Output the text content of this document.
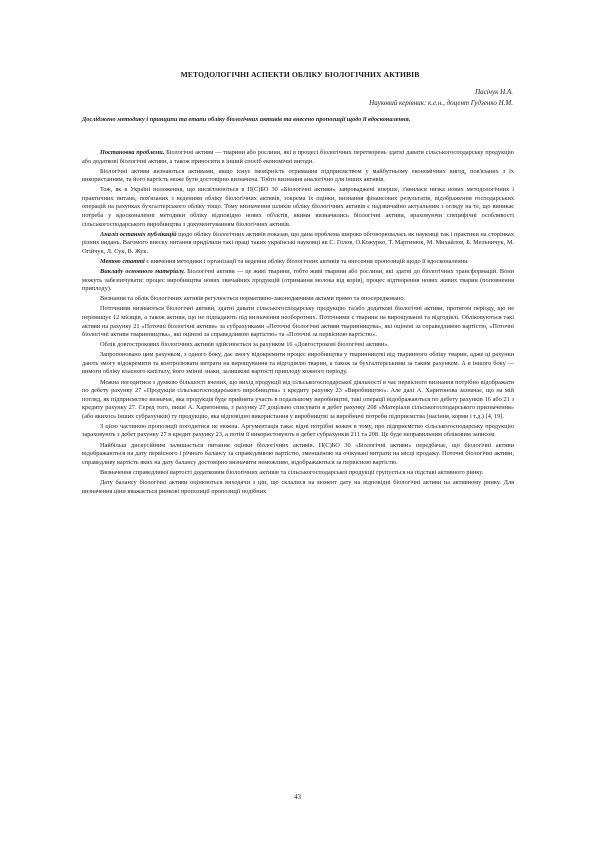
МЕТОДОЛОГІЧНІ АСПЕКТИ ОБЛІКУ БІОЛОГІЧНИХ АКТИВІВ
Пасічук Н.А.
Науковий керівник: к.е.н., доцент Гудзенко Н.М.

Досліджено методику і принципи та етапи обліку біологічних активів та внесено пропозиції щодо її вдосконалення.

Постановка проблеми. Біологічні активи — тварини або рослини, які в процесі біологічних перетворень здатні давати сільськогосподарську продукцію або додаткові біологічні активи, а також приносити в інший спосіб економічні вигоди.

Біологічні активи визнаються активами, якщо існує імовірність отримання підприємством у майбутньому економічних вигод, пов'язаних з їх використанням, та його вартість може бути достовірно визначена. Тобто визнання аналогічно для інших активів.

Тож, як в Україні положення, що висвітлюються в П(С)БО 30 «Біологічні активи» запроваджені впершe, з'явилася низка нових методологічних і практичних питань, пов'язаних з веденням обліку біологічних активів, зокрема їх оцінки, визнання фінансових результатів, відображення господарських операцій на рахунках бухгалтерського обліку тощо. Тому визначення шляхів обліку біологічних активів є надзвичайно актуальним з огляду на те, що виникає потреба у вдосконаленні методики обліку відповідно нових об'єктів, якими визначились біологічні активи, враховуючи специфічні особливості сільськогосподарського виробництва з документуванням біологічних активів.

Аналіз останніх публікацій щодо обліку біологічних активів показав, що дана проблема широко обговорювалась як науковці так і практики на сторінках різних видань. Вагомого внеску питання приділили такі праці таких українські науковці як С. Голов, О.Кожурко, Т. Мартинюк, М. Михайлов, Б. Мельничук, М. Огійчук, Л. Сук, В. Жук.

Метою статті є вивчення методики і організації та ведення обліку біологічних активів та внесення пропозицій щодо її вдосконалення.

Викладу основного матеріалу. Біологічні активи — це живі тварини, тобто живі тварини або рослини, які здатні до біологічних трансформацій. Вони можуть забезпечувати: процес виробництва нових звичайних продукцій (отримання молока від корів), процес відтворення нових живих тварин (поповнення приплоду).

Визнання та облік біологічних активів регулюється нормативно-законодавчими актами прямо та опосередковано.

Поточними визнаються біологічні активи, здатні давати сільськогосподарську продукцію та/або додаткові біологічні активи, протягом періоду, що не перевищує 12 місяців, а також активи, що не підпадають під визначення необоротних. Поточними є тварини на вирощуванні та відгодівлі. Обліковуються такі активи на рахунку 21 «Поточні біологічні активи» за субрахунками «Поточні біологічні активи тваринництва», які оцінені за справедливою вартістю, «Поточні біологічні активи тваринництва», які оцінені за справедливою вартістю» та «Поточні за первісною вартістю».

Облік довгострокових біологічних активів здійснюється за рахунком 16 «Довгострокові біологічні активи».

Запропоновано цим рахунком, з одного боку, дає змогу відокремити процес виробництва у тваринництві від тваринного обліку тварин, адже ці рахунки дають змогу відокремити та контролювати витрати на вирощування та відгодівлю тварин, а також за бухгалтерськими за таким рахунком. А в іншого боку — вимоги обліку власного капіталу, його змінні знаки, залишкові вартості приплоду кожного періоду.

Можна погодитися з думкою більшості вчених, що вихід продукції від сільськогосподарської діяльності в час первісного визнання потрібно відображати по дебету рахунку 27 «Продукція сільськогосподарського виробництва» з кредиту рахунку 23 «Виробництво». Але далі А. Харитонова зазначає, що на мій погляд, як підприємство визначає, яка продукція буде прийнята участь в подальшому виробництві, такі операції відображаються по дебету рахунків 16 або 21 з кредиту рахунку 27. Серед того, пише А. Харитонова, з рахунку 27 доцільно списувати в дебет рахунку 208 «Матеріали сільськогосподарського призначення» (або якихось інших субрахунків) ту продукцію, яка відповідно використання у виробництві за виробничі потреби підприємства (насіння, корми і т.д.) [4, 19].

З цією частиною пропозиції погодитися не можна. Аргументація така: відні потрібні кожен в тому, про підприємство сільськогосподарську продукцію зараховують з дебет рахунку 27 в кредит рахунку 23, а потім її використовують в дебет субрахунків 211 та 208. Це буде неправильним обліковим записом.

Найбільш дискусійним залишається питання оцінки біологічних активів. П(С)БО 30 «Біологічні активи» передбачає, що біологічні активи відображаються на дату первісного і річного балансу за справедливою вартістю, зменшеною на очікувані витрати на місці продажу. Поточні біологічні активи, справедливу вартість яких на дату балансу достовірно визначити неможливо, відображаються за первісною вартістю.

Визначення справедливої вартості додатковим біологічних активів та сільськогосподарської продукції групується на підставі активного ринку.

Дату балансу біологічні активи оцінюються виходячи з цін, що склалися на момент дату на відповідні біологічні активи на активному ринку. Для визначення ціни вважається ринкові пропозиції пропозиції подібних

43
